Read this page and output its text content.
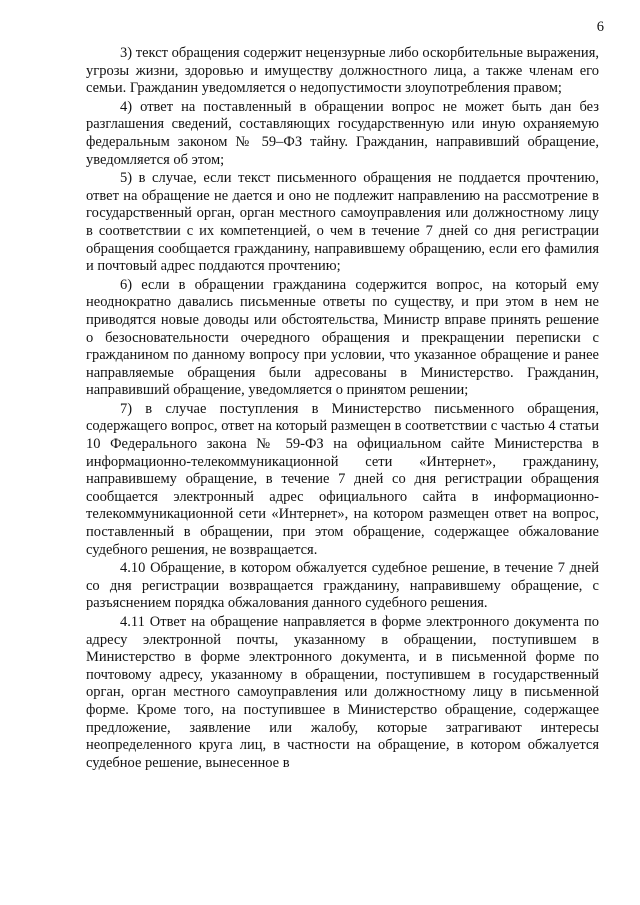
6

3) текст обращения содержит нецензурные либо оскорбительные выражения, угрозы жизни, здоровью и имуществу должностного лица, а также членам его семьи. Гражданин уведомляется о недопустимости злоупотребления правом;

4) ответ на поставленный в обращении вопрос не может быть дан без разглашения сведений, составляющих государственную или иную охраняемую федеральным законом № 59–ФЗ тайну. Гражданин, направивший обращение, уведомляется об этом;

5) в случае, если текст письменного обращения не поддается прочтению, ответ на обращение не дается и оно не подлежит направлению на рассмотрение в государственный орган, орган местного самоуправления или должностному лицу в соответствии с их компетенцией, о чем в течение 7 дней со дня регистрации обращения сообщается гражданину, направившему обращению, если его фамилия и почтовый адрес поддаются прочтению;

6) если в обращении гражданина содержится вопрос, на который ему неоднократно давались письменные ответы по существу, и при этом в нем не приводятся новые доводы или обстоятельства, Министр вправе принять решение о безосновательности очередного обращения и прекращении переписки с гражданином по данному вопросу при условии, что указанное обращение и ранее направляемые обращения были адресованы в Министерство. Гражданин, направивший обращение, уведомляется о принятом решении;

7) в случае поступления в Министерство письменного обращения, содержащего вопрос, ответ на который размещен в соответствии с частью 4 статьи 10 Федерального закона № 59-ФЗ на официальном сайте Министерства в информационно-телекоммуникационной сети «Интернет», гражданину, направившему обращение, в течение 7 дней со дня регистрации обращения сообщается электронный адрес официального сайта в информационно-телекоммуникационной сети «Интернет», на котором размещен ответ на вопрос, поставленный в обращении, при этом обращение, содержащее обжалование судебного решения, не возвращается.

4.10 Обращение, в котором обжалуется судебное решение, в течение 7 дней со дня регистрации возвращается гражданину, направившему обращение, с разъяснением порядка обжалования данного судебного решения.

4.11 Ответ на обращение направляется в форме электронного документа по адресу электронной почты, указанному в обращении, поступившем в Министерство в форме электронного документа, и в письменной форме по почтовому адресу, указанному в обращении, поступившем в государственный орган, орган местного самоуправления или должностному лицу в письменной форме. Кроме того, на поступившее в Министерство обращение, содержащее предложение, заявление или жалобу, которые затрагивают интересы неопределенного круга лиц, в частности на обращение, в котором обжалуется судебное решение, вынесенное в
